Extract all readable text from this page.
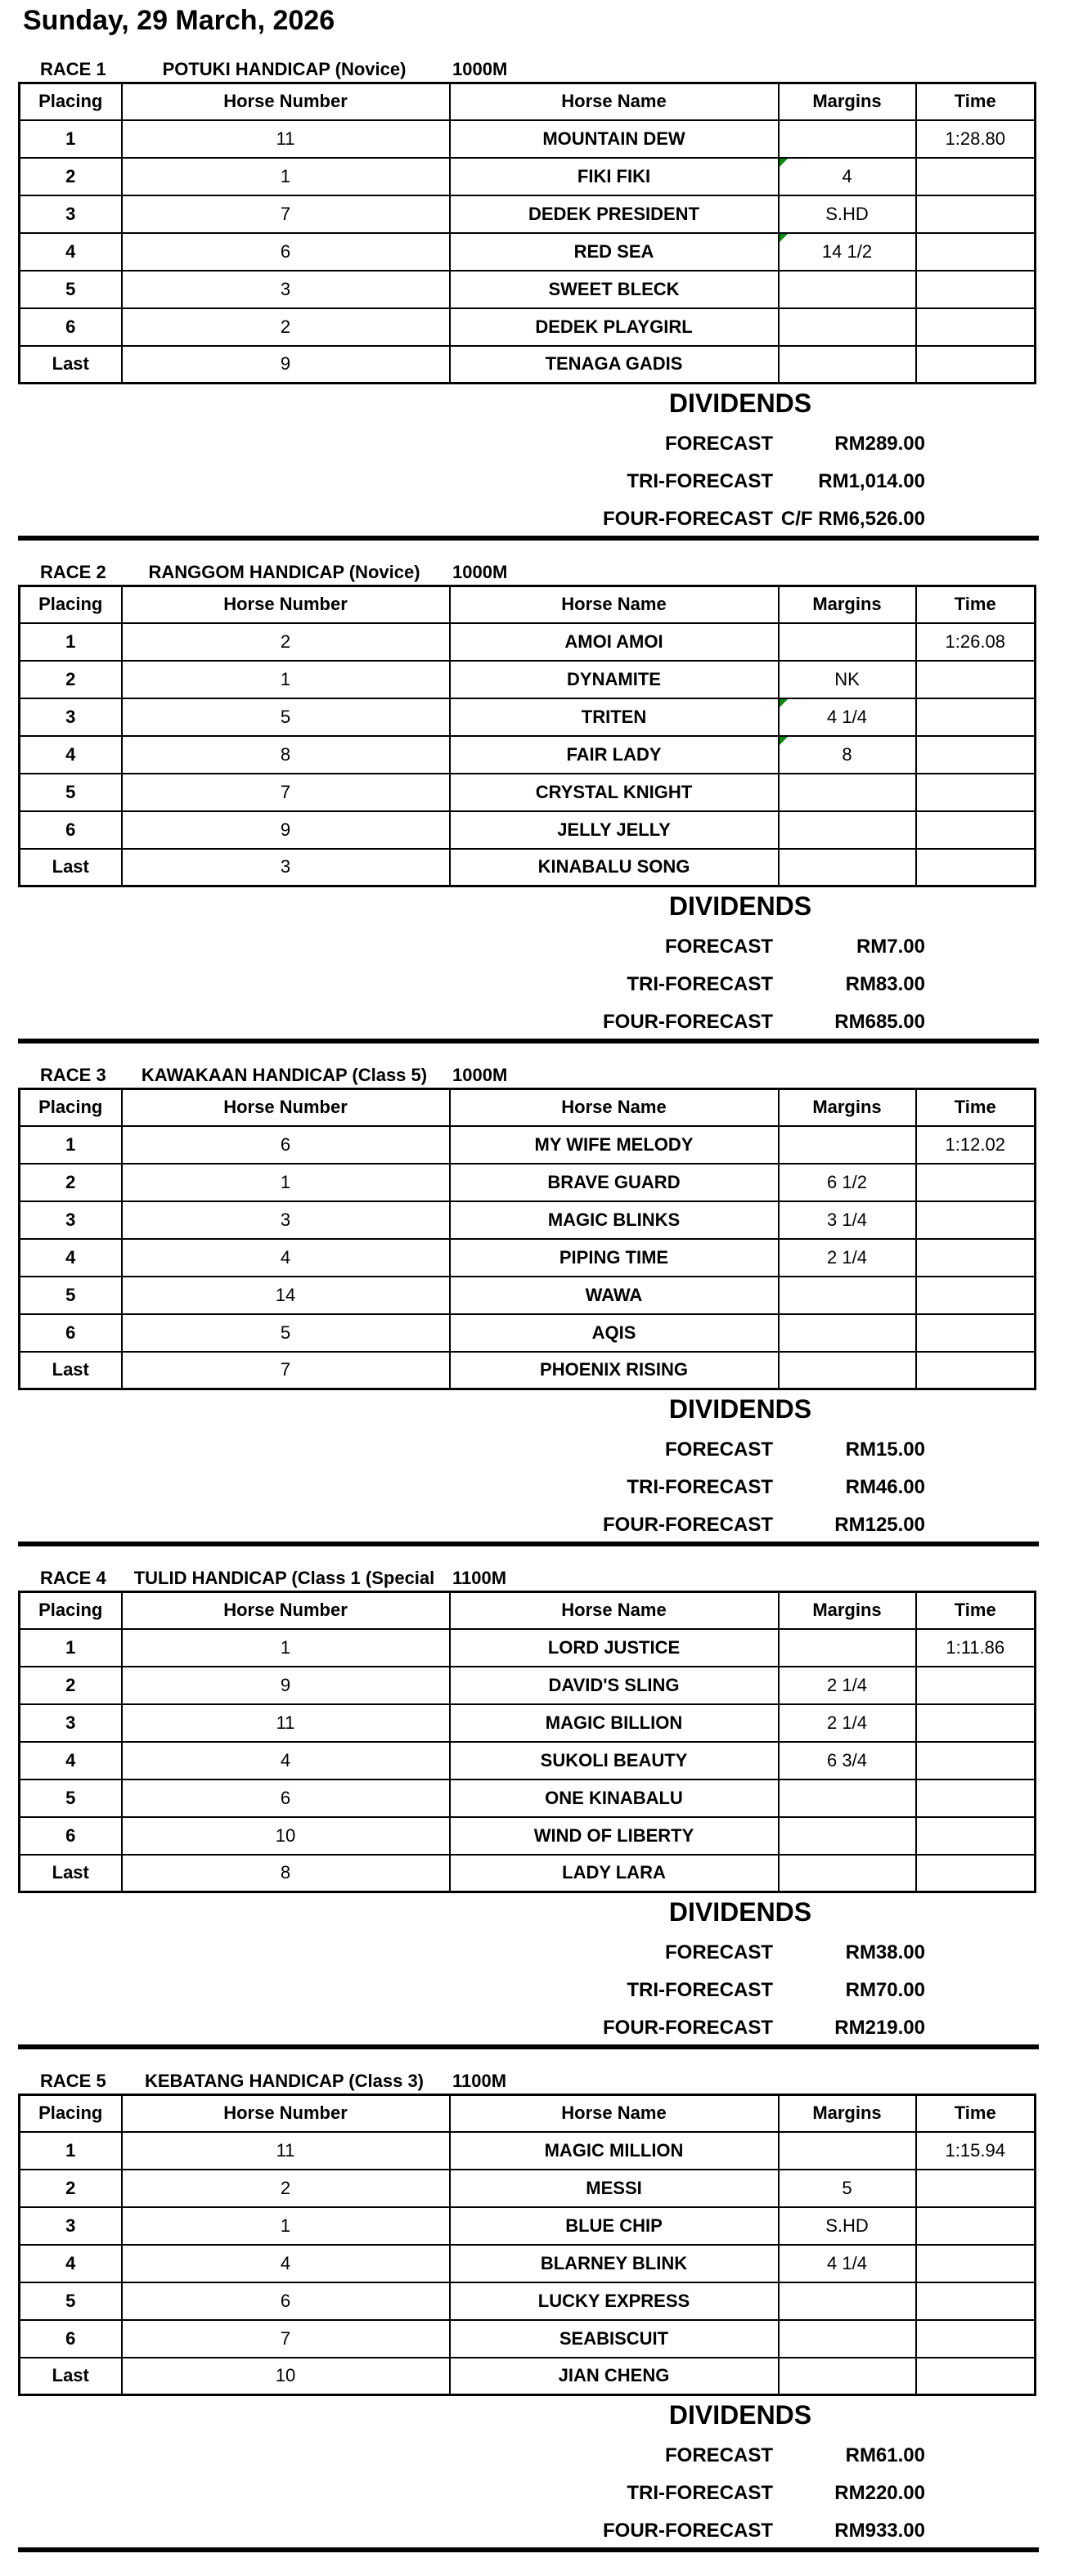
Sunday, 29 March, 2026
RACE 1	POTUKI HANDICAP (Novice)	1000M
Placing	Horse Number	Horse Name	Margins	Time
1	11	MOUNTAIN DEW		1:28.80
2	1	FIKI FIKI	4	
3	7	DEDEK PRESIDENT	S.HD	
4	6	RED SEA	14 1/2	
5	3	SWEET BLECK		
6	2	DEDEK PLAYGIRL		
Last	9	TENAGA GADIS		
DIVIDENDS
FORECAST	RM289.00
TRI-FORECAST RM1,014.00
FOUR-FORECAST C/F RM6,526.00
RACE 2	RANGGOM HANDICAP (Novice)	1000M
Placing	Horse Number	Horse Name	Margins	Time
1	2	AMOI AMOI		1:26.08
2	1	DYNAMITE	NK	
3	5	TRITEN	4 1/4	
4	8	FAIR LADY	8	
5	7	CRYSTAL KNIGHT		
6	9	JELLY JELLY		
Last	3	KINABALU SONG		
DIVIDENDS
FORECAST	RM7.00
TRI-FORECAST	RM83.00
FOUR-FORECAST	RM685.00
RACE 3	KAWAKAAN HANDICAP (Class 5)	1000M
Placing	Horse Number	Horse Name	Margins	Time
1	6	MY WIFE MELODY		1:12.02
2	1	BRAVE GUARD	6 1/2	
3	3	MAGIC BLINKS	3 1/4	
4	4	PIPING TIME	2 1/4	
5	14	WAWA		
6	5	AQIS		
Last	7	PHOENIX RISING		
DIVIDENDS
FORECAST	RM15.00
TRI-FORECAST	RM46.00
FOUR-FORECAST	RM125.00
RACE 4	TULID HANDICAP (Class 1 (Special 1100M
Placing	Horse Number	Horse Name	Margins	Time
1	1	LORD JUSTICE		1:11.86
2	9	DAVID'S SLING	2 1/4	
3	11	MAGIC BILLION	2 1/4	
4	4	SUKOLI BEAUTY	6 3/4	
5	6	ONE KINABALU		
6	10	WIND OF LIBERTY		
Last	8	LADY LARA		
DIVIDENDS
FORECAST	RM38.00
TRI-FORECAST	RM70.00
FOUR-FORECAST	RM219.00
RACE 5	KEBATANG HANDICAP (Class 3)	1100M
Placing	Horse Number	Horse Name	Margins	Time
1	11	MAGIC MILLION		1:15.94
2	2	MESSI	5	
3	1	BLUE CHIP	S.HD	
4	4	BLARNEY BLINK	4 1/4	
5	6	LUCKY EXPRESS		
6	7	SEABISCUIT		
Last	10	JIAN CHENG		
DIVIDENDS
FORECAST	RM61.00
TRI-FORECAST	RM220.00
FOUR-FORECAST	RM933.00
